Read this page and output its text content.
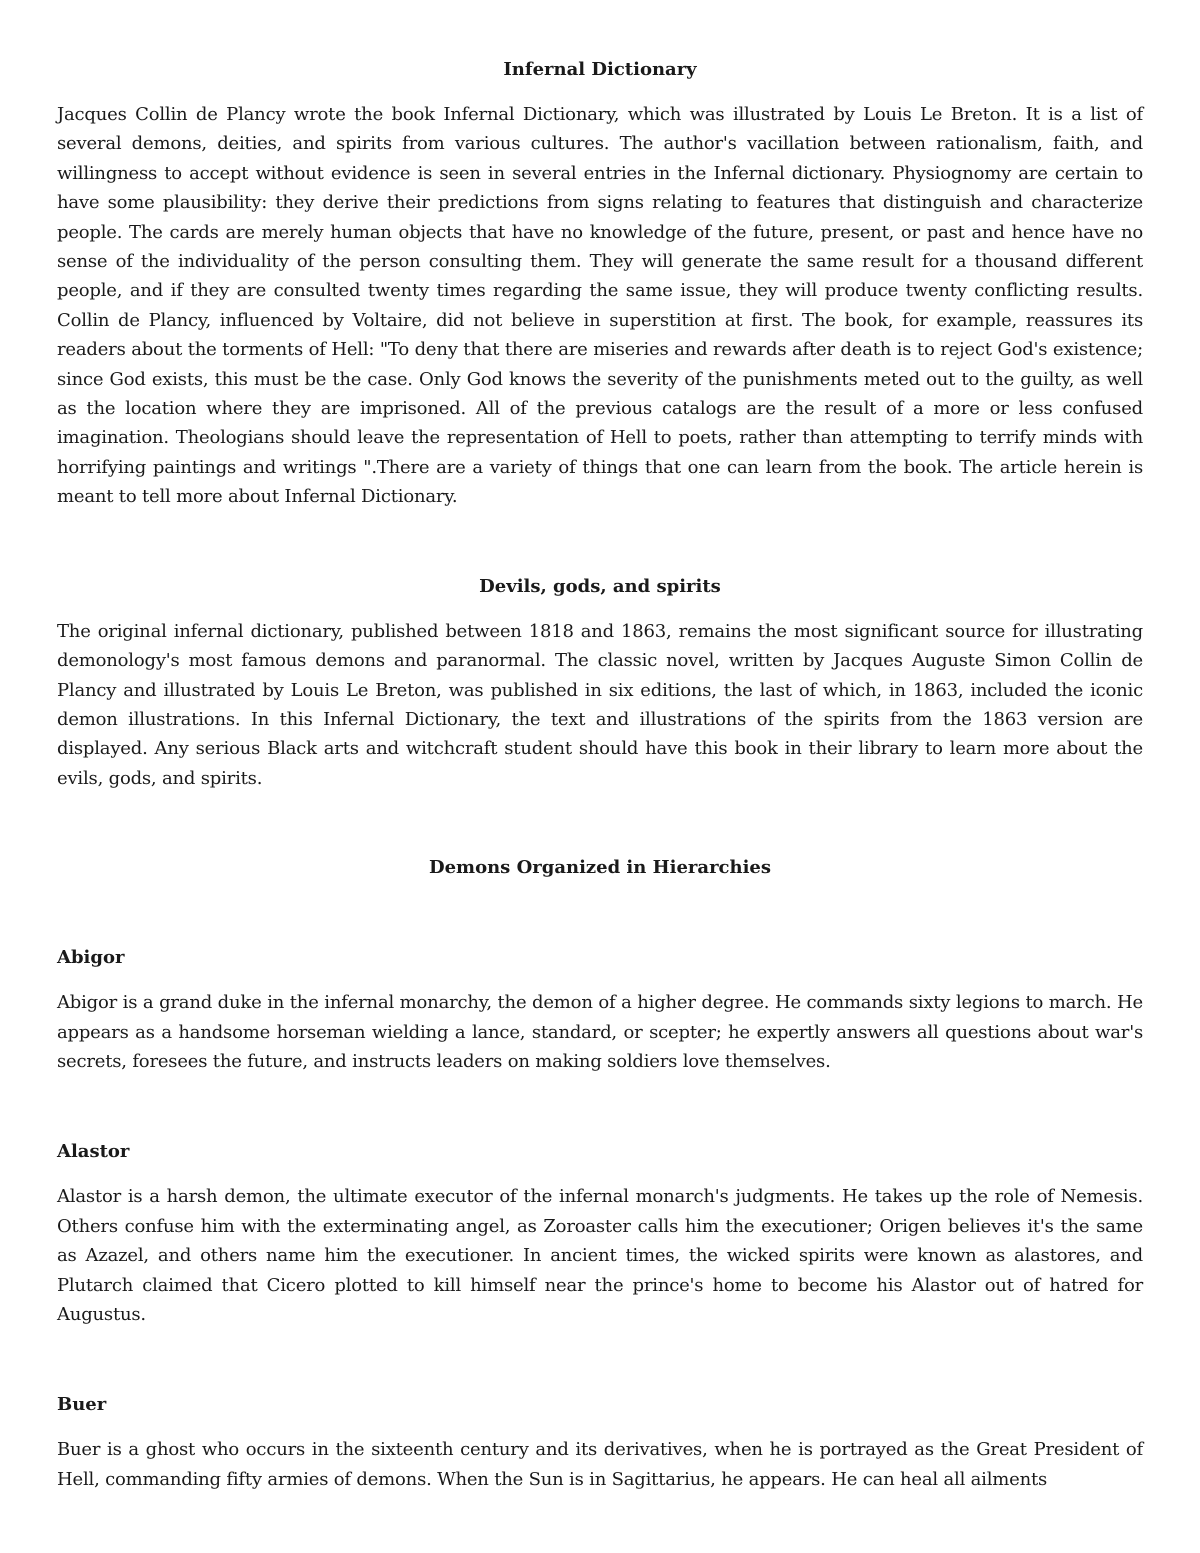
Infernal Dictionary

Jacques Collin de Plancy wrote the book Infernal Dictionary, which was illustrated by Louis Le Breton. It is a list of several demons, deities, and spirits from various cultures. The author's vacillation between rationalism, faith, and willingness to accept without evidence is seen in several entries in the Infernal dictionary. Physiognomy are certain to have some plausibility: they derive their predictions from signs relating to features that distinguish and characterize people. The cards are merely human objects that have no knowledge of the future, present, or past and hence have no sense of the individuality of the person consulting them. They will generate the same result for a thousand different people, and if they are consulted twenty times regarding the same issue, they will produce twenty conflicting results. Collin de Plancy, influenced by Voltaire, did not believe in superstition at first. The book, for example, reassures its readers about the torments of Hell: "To deny that there are miseries and rewards after death is to reject God's existence; since God exists, this must be the case. Only God knows the severity of the punishments meted out to the guilty, as well as the location where they are imprisoned. All of the previous catalogs are the result of a more or less confused imagination. Theologians should leave the representation of Hell to poets, rather than attempting to terrify minds with horrifying paintings and writings ".There are a variety of things that one can learn from the book. The article herein is meant to tell more about Infernal Dictionary.

Devils, gods, and spirits

The original infernal dictionary, published between 1818 and 1863, remains the most significant source for illustrating demonology's most famous demons and paranormal. The classic novel, written by Jacques Auguste Simon Collin de Plancy and illustrated by Louis Le Breton, was published in six editions, the last of which, in 1863, included the iconic demon illustrations. In this Infernal Dictionary, the text and illustrations of the spirits from the 1863 version are displayed. Any serious Black arts and witchcraft student should have this book in their library to learn more about the evils, gods, and spirits.

Demons Organized in Hierarchies
Abigor

Abigor is a grand duke in the infernal monarchy, the demon of a higher degree. He commands sixty legions to march. He appears as a handsome horseman wielding a lance, standard, or scepter; he expertly answers all questions about war's secrets, foresees the future, and instructs leaders on making soldiers love themselves.

Alastor

Alastor is a harsh demon, the ultimate executor of the infernal monarch's judgments. He takes up the role of Nemesis. Others confuse him with the exterminating angel, as Zoroaster calls him the executioner; Origen believes it's the same as Azazel, and others name him the executioner. In ancient times, the wicked spirits were known as alastores, and Plutarch claimed that Cicero plotted to kill himself near the prince's home to become his Alastor out of hatred for Augustus.

Buer

Buer is a ghost who occurs in the sixteenth century and its derivatives, when he is portrayed as the Great President of Hell, commanding fifty armies of demons. When the Sun is in Sagittarius, he appears. He can heal all ailments
